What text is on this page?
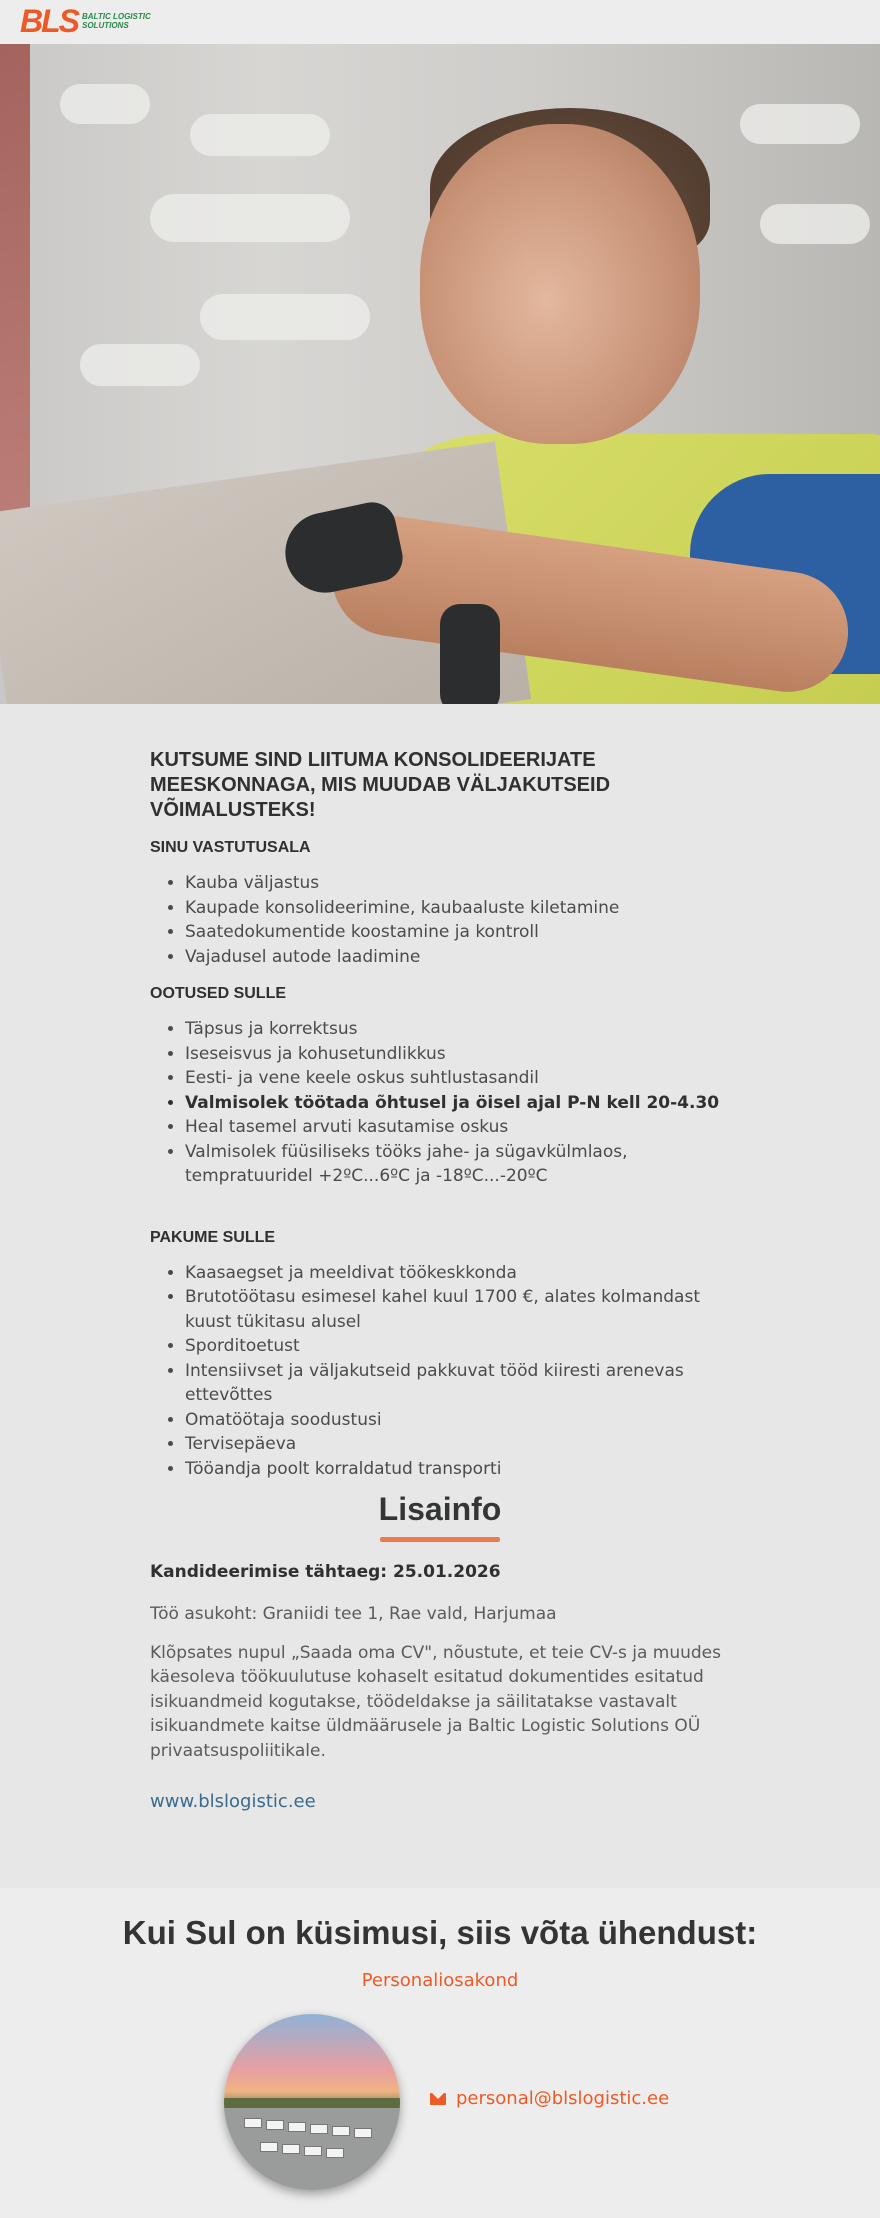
BLS BALTIC LOGISTIC
SOLUTIONS
KUTSUME SIND LIITUMA KONSOLIDEERIJATE MEESKONNAGA, MIS MUUDAB VÄLJAKUTSEID VÕIMALUSTEKS!
SINU VASTUTUSALA
• Kauba väljastus
• Kaupade konsolideerimine, kaubaaluste kiletamine
• Saatedokumentide koostamine ja kontroll
• Vajadusel autode laadimine
OOTUSED SULLE
• Täpsus ja korrektsus
• Iseseisvus ja kohusetundlikkus
• Eesti- ja vene keele oskus suhtlustasandil
• Valmisolek töötada õhtusel ja öisel ajal P-N kell 20-4.30
• Heal tasemel arvuti kasutamise oskus
• Valmisolek füüsiliseks tööks jahe- ja sügavkülmlaos, tempratuuridel +2ºC...6ºC ja -18ºC...-20ºC
PAKUME SULLE
• Kaasaegset ja meeldivat töökeskkonda
• Brutotöötasu esimesel kahel kuul 1700 €, alates kolmandast kuust tükitasu alusel
• Sporditoetust
• Intensiivset ja väljakutseid pakkuvat tööd kiiresti arenevas ettevõttes
• Omatöötaja soodustusi
• Tervisepäeva
• Tööandja poolt korraldatud transporti
Lisainfo

Kandideerimise tähtaeg: 25.01.2026

Töö asukoht: Graniidi tee 1, Rae vald, Harjumaa

Klõpsates nupul „Saada oma CV", nõustute, et teie CV-s ja muudes käesoleva töökuulutuse kohaselt esitatud dokumentides esitatud isikuandmeid kogutakse, töödeldakse ja säilitatakse vastavalt isikuandmete kaitse üldmäärusele ja Baltic Logistic Solutions OÜ privaatsuspoliitikale.

www.blslogistic.ee
Kui Sul on küsimusi, siis võta ühendust:

Personaliosakond

personal@blslogistic.ee
